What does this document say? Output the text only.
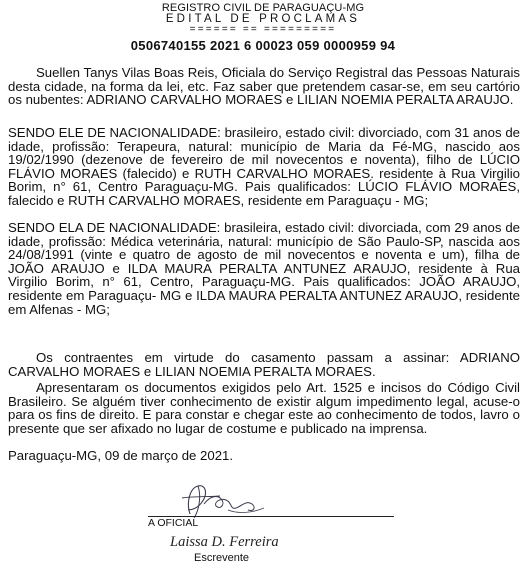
REGISTRO CIVIL DE PARAGUAÇU-MG
EDITAL DE PROCLAMAS
====== == =========
0506740155 2021 6 00023 059 0000959 94

Suellen Tanys Vilas Boas Reis, Oficiala do Serviço Registral das Pessoas Naturais desta cidade, na forma da lei, etc. Faz saber que pretendem casar-se, em seu cartório os nubentes: ADRIANO CARVALHO MORAES e LILIAN NOEMIA PERALTA ARAUJO.

SENDO ELE DE NACIONALIDADE: brasileiro, estado civil: divorciado, com 31 anos de idade, profissão: Terapeura, natural: município de Maria da Fé-MG, nascido aos 19/02/1990 (dezenove de fevereiro de mil novecentos e noventa), filho de LÚCIO FLÁVIO MORAES (falecido) e RUTH CARVALHO MORAES. residente à Rua Virgilio Borim, n° 61, Centro Paraguaçu-MG. Pais qualificados: LÚCIO FLÁVIO MORAES, falecido e RUTH CARVALHO MORAES, residente em Paraguaçu - MG;

SENDO ELA DE NACIONALIDADE: brasileira, estado civil: divorciada, com 29 anos de idade, profissão: Médica veterinária, natural: município de São Paulo-SP, nascida aos 24/08/1991 (vinte e quatro de agosto de mil novecentos e noventa e um), filha de JOÃO ARAUJO e ILDA MAURA PERALTA ANTUNEZ ARAUJO, residente à Rua Virgilio Borim, n° 61, Centro, Paraguaçu-MG. Pais qualificados: JOÃO ARAUJO, residente em Paraguaçu- MG e ILDA MAURA PERALTA ANTUNEZ ARAUJO, residente em Alfenas - MG;

Os contraentes em virtude do casamento passam a assinar: ADRIANO CARVALHO MORAES e LILIAN NOEMIA PERALTA MORAES.

Apresentaram os documentos exigidos pelo Art. 1525 e incisos do Código Civil Brasileiro. Se alguém tiver conhecimento de existir algum impedimento legal, acuse-o para os fins de direito. E para constar e chegar este ao conhecimento de todos, lavro o presente que ser afixado no lugar de costume e publicado na imprensa.

Paraguaçu-MG, 09 de março de 2021.
A OFICIAL
Laissa D. Ferreira
Escrevente
